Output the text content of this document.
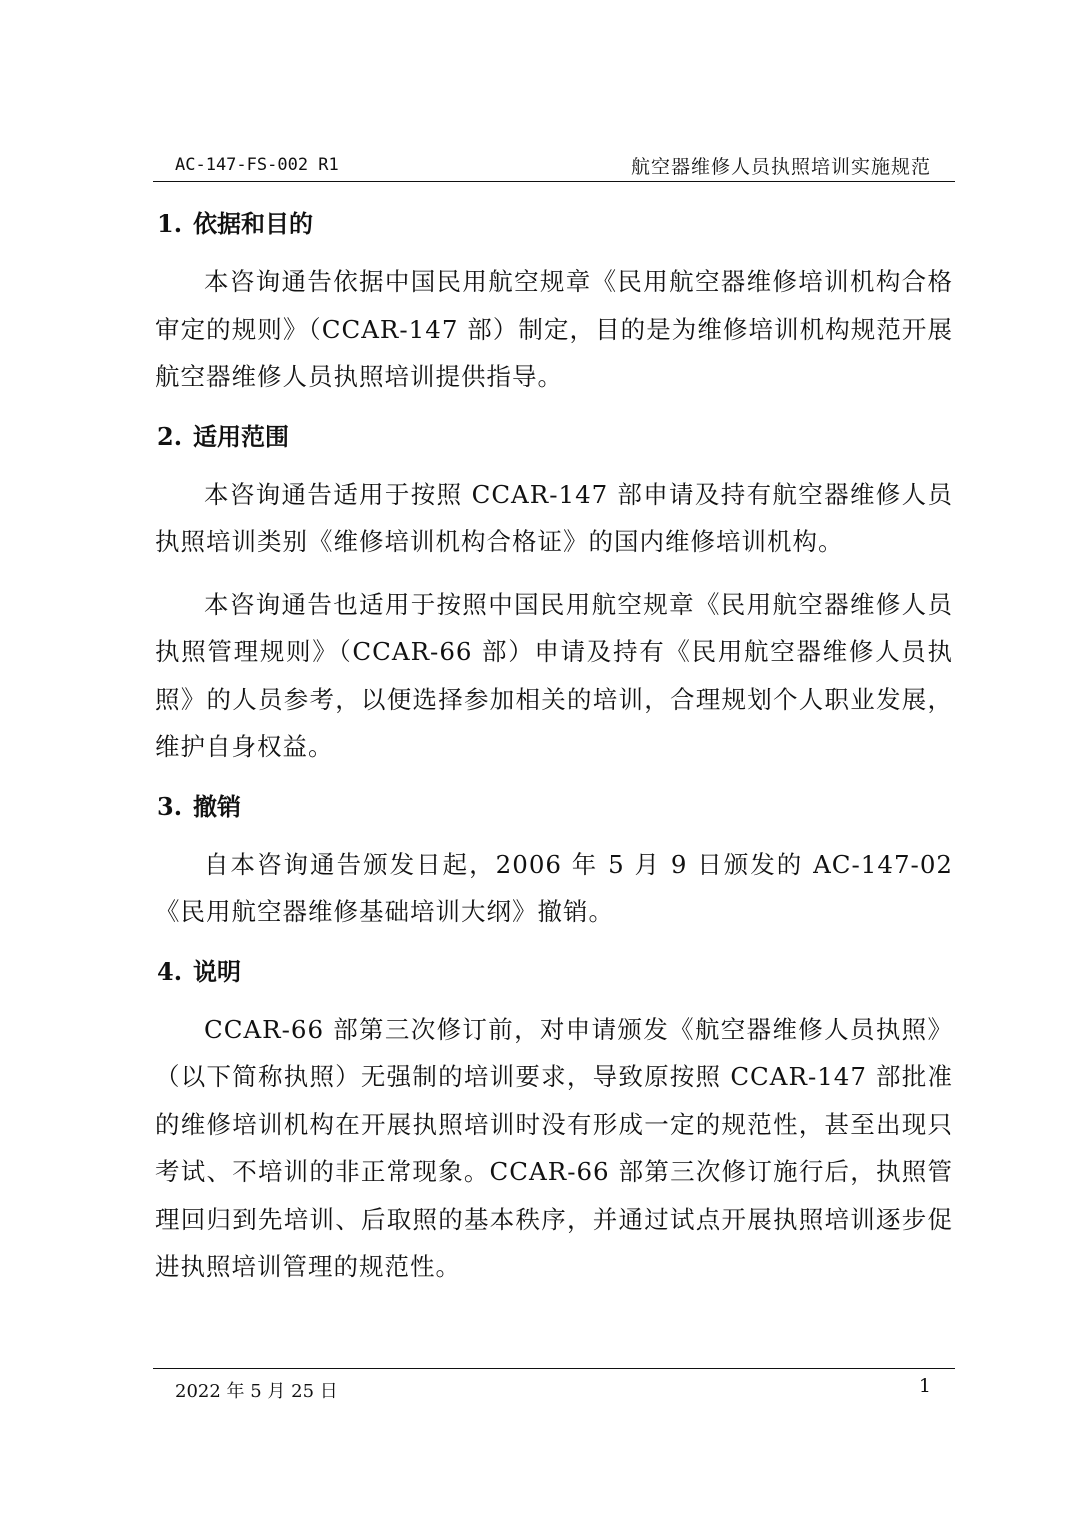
AC-147-FS-002 R1	航空器维修人员执照培训实施规范
1. 依据和目的

本咨询通告依据中国民用航空规章《民用航空器维修培训机构合格审定的规则》（CCAR-147 部）制定，目的是为维修培训机构规范开展航空器维修人员执照培训提供指导。

2. 适用范围

本咨询通告适用于按照 CCAR-147 部申请及持有航空器维修人员执照培训类别《维修培训机构合格证》的国内维修培训机构。

本咨询通告也适用于按照中国民用航空规章《民用航空器维修人员执照管理规则》（CCAR-66 部）申请及持有《民用航空器维修人员执照》的人员参考，以便选择参加相关的培训，合理规划个人职业发展，维护自身权益。

3. 撤销

自本咨询通告颁发日起，2006 年 5 月 9 日颁发的 AC-147-02《民用航空器维修基础培训大纲》撤销。

4. 说明

CCAR-66 部第三次修订前，对申请颁发《航空器维修人员执照》（以下简称执照）无强制的培训要求，导致原按照 CCAR-147 部批准的维修培训机构在开展执照培训时没有形成一定的规范性，甚至出现只考试、不培训的非正常现象。CCAR-66 部第三次修订施行后，执照管理回归到先培训、后取照的基本秩序，并通过试点开展执照培训逐步促进执照培训管理的规范性。

2022 年 5 月 25 日	1
